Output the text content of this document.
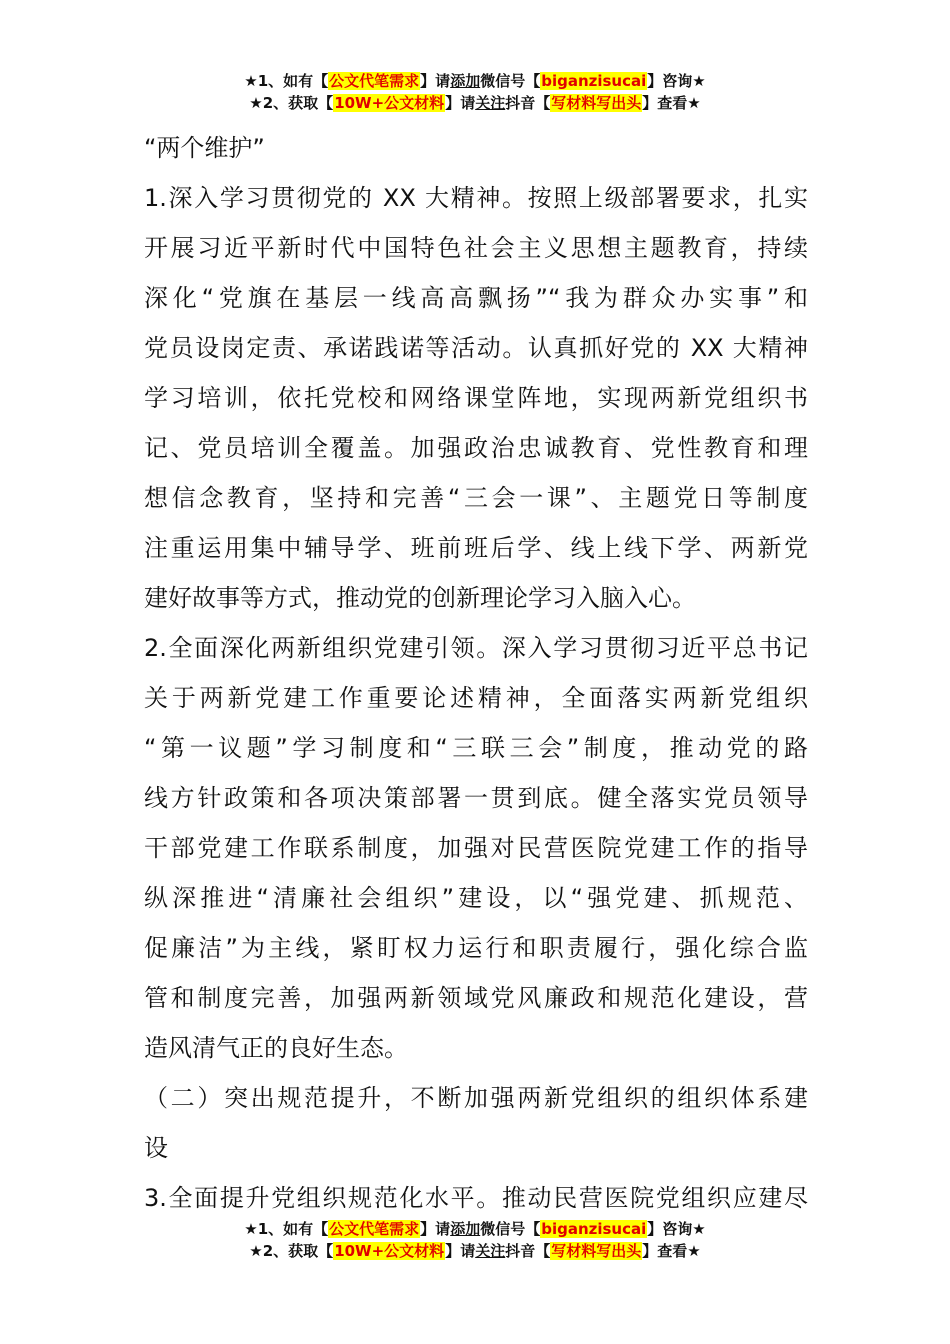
★1、如有【公文代笔需求】请添加微信号【biganzisucai】咨询★
★2、获取【10W+公文材料】请关注抖音【写材料写出头】查看★
“两个维护”
1.深入学习贯彻党的 XX 大精神。按照上级部署要求，扎实
开展习近平新时代中国特色社会主义思想主题教育，持续
深化“党旗在基层一线高高飘扬”“我为群众办实事”和
党员设岗定责、承诺践诺等活动。认真抓好党的 XX 大精神
学习培训，依托党校和网络课堂阵地，实现两新党组织书
记、党员培训全覆盖。加强政治忠诚教育、党性教育和理
想信念教育，坚持和完善“三会一课”、主题党日等制度
注重运用集中辅导学、班前班后学、线上线下学、两新党
建好故事等方式，推动党的创新理论学习入脑入心。
2.全面深化两新组织党建引领。深入学习贯彻习近平总书记
关于两新党建工作重要论述精神，全面落实两新党组织
“第一议题”学习制度和“三联三会”制度，推动党的路
线方针政策和各项决策部署一贯到底。健全落实党员领导
干部党建工作联系制度，加强对民营医院党建工作的指导
纵深推进“清廉社会组织”建设，以“强党建、抓规范、
促廉洁”为主线，紧盯权力运行和职责履行，强化综合监
管和制度完善，加强两新领域党风廉政和规范化建设，营
造风清气正的良好生态。
（二）突出规范提升，不断加强两新党组织的组织体系建
设
3.全面提升党组织规范化水平。推动民营医院党组织应建尽
★1、如有【公文代笔需求】请添加微信号【biganzisucai】咨询★
★2、获取【10W+公文材料】请关注抖音【写材料写出头】查看★
